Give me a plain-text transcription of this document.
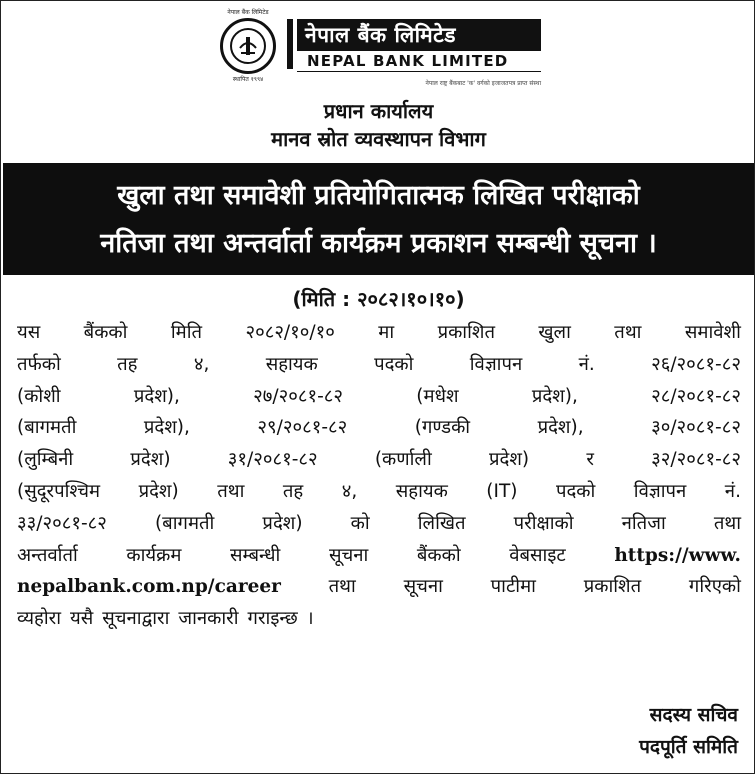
नेपाल बैंक लिमिटेड
स्थापित १९९४
नेपाल बैंक लिमिटेड
NEPAL BANK LIMITED
नेपाल राष्ट्र बैंकबाट 'क' वर्गको इजाजतपत्र प्राप्त संस्था
प्रधान कार्यालय
मानव स्रोत व्यवस्थापन विभाग
खुला तथा समावेशी प्रतियोगितात्मक लिखित परीक्षाको
नतिजा तथा अन्तर्वार्ता कार्यक्रम प्रकाशन सम्बन्धी सूचना ।
(मिति : २०८२।१०।१०)
यस बैंकको मिति २०८२/१०/१० मा प्रकाशित खुला तथा समावेशी
तर्फको	तह	४,	सहायक	पदको	विज्ञापन	नं.	२६/२०८१-८२
(कोशी	प्रदेश),	२७/२०८१-८२	(मधेश	प्रदेश),	२८/२०८१-८२
(बागमती	प्रदेश),	२९/२०८१-८२	(गण्डकी	प्रदेश),	३०/२०८१-८२
(लुम्बिनी	प्रदेश)	३१/२०८१-८२	(कर्णाली	प्रदेश)	र	३२/२०८१-८२
(सुदूरपश्चिम प्रदेश) तथा तह ४, सहायक (IT) पदको विज्ञापन नं.
३३/२०८१-८२	(बागमती	प्रदेश)	को	लिखित	परीक्षाको	नतिजा	तथा
अन्तर्वार्ता	कार्यक्रम	सम्बन्धी	सूचना	बैंकको	वेबसाइट	https://www.
nepalbank.com.np/career	तथा	सूचना	पाटीमा	प्रकाशित	गरिएको
व्यहोरा यसै सूचनाद्वारा जानकारी गराइन्छ ।
सदस्य सचिव
पदपूर्ति समिति
